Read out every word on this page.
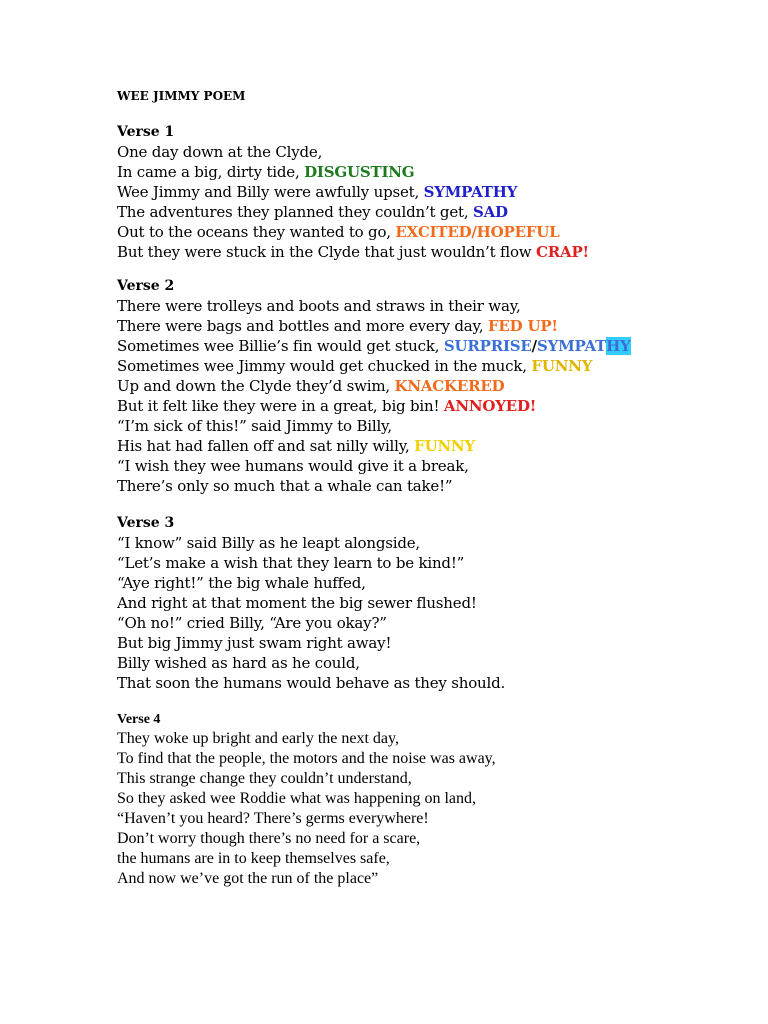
WEE JIMMY POEM
Verse 1
One day down at the Clyde,
In came a big, dirty tide, DISGUSTING
Wee Jimmy and Billy were awfully upset, SYMPATHY
The adventures they planned they couldn’t get, SAD
Out to the oceans they wanted to go, EXCITED/HOPEFUL
But they were stuck in the Clyde that just wouldn’t flow CRAP!
Verse 2
There were trolleys and boots and straws in their way,
There were bags and bottles and more every day, FED UP!
Sometimes wee Billie’s fin would get stuck, SURPRISE/SYMPATHY
Sometimes wee Jimmy would get chucked in the muck, FUNNY
Up and down the Clyde they’d swim, KNACKERED
But it felt like they were in a great, big bin! ANNOYED!
“I’m sick of this!” said Jimmy to Billy,
His hat had fallen off and sat nilly willy, FUNNY
“I wish they wee humans would give it a break,
There’s only so much that a whale can take!”
Verse 3
“I know” said Billy as he leapt alongside,
“Let’s make a wish that they learn to be kind!”
“Aye right!” the big whale huffed,
And right at that moment the big sewer flushed!
“Oh no!” cried Billy, “Are you okay?”
But big Jimmy just swam right away!
Billy wished as hard as he could,
That soon the humans would behave as they should.
Verse 4
They woke up bright and early the next day,
To find that the people, the motors and the noise was away,
This strange change they couldn’t understand,
So they asked wee Roddie what was happening on land,
“Haven’t you heard? There’s germs everywhere!
Don’t worry though there’s no need for a scare,
the humans are in to keep themselves safe,
And now we’ve got the run of the place”
